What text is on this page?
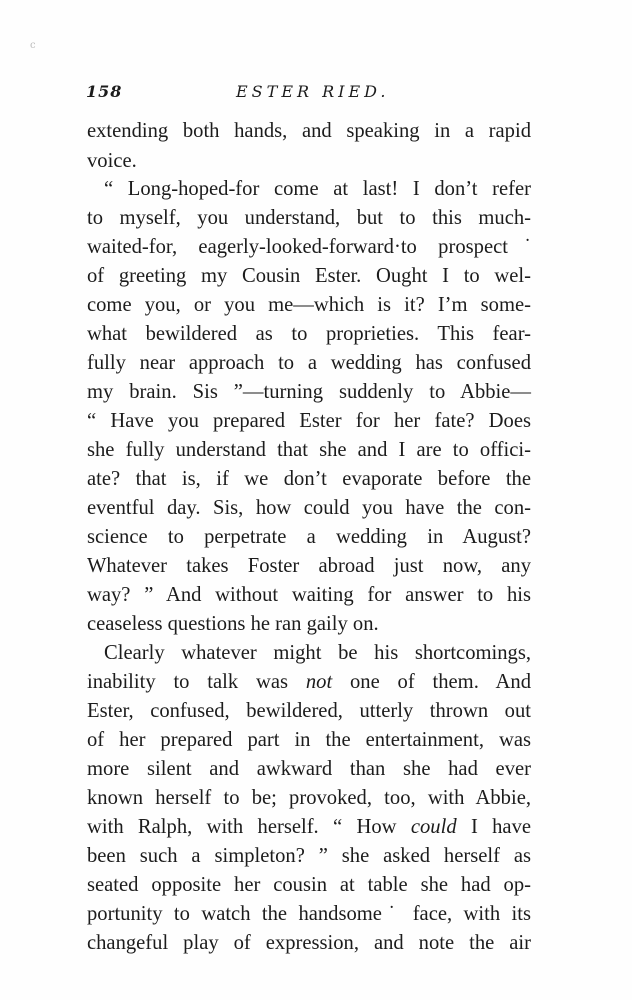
c
158	ESTER RIED.
extending both hands, and speaking in a rapid
voice.
“ Long-hoped-for come at last! I don’t refer
to myself, you understand, but to this much-
waited-for, eagerly-looked-forward·to prospect˙
of greeting my Cousin Ester. Ought I to wel-
come you, or you me—which is it? I’m some-
what bewildered as to proprieties. This fear-
fully near approach to a wedding has confused
my brain. Sis ”—turning suddenly to Abbie—
“ Have you prepared Ester for her fate? Does
she fully understand that she and I are to offici-
ate? that is, if we don’t evaporate before the
eventful day. Sis, how could you have the con-
science to perpetrate a wedding in August?
Whatever takes Foster abroad just now, any
way? ” And without waiting for answer to his
ceaseless questions he ran gaily on.
Clearly whatever might be his shortcomings,
inability to talk was not one of them. And
Ester, confused, bewildered, utterly thrown out
of her prepared part in the entertainment, was
more silent and awkward than she had ever
known herself to be; provoked, too, with Abbie,
with Ralph, with herself. “ How could I have
been such a simpleton? ” she asked herself as
seated opposite her cousin at table she had op-
portunity to watch the handsome˙ face, with its
changeful play of expression, and note the air
